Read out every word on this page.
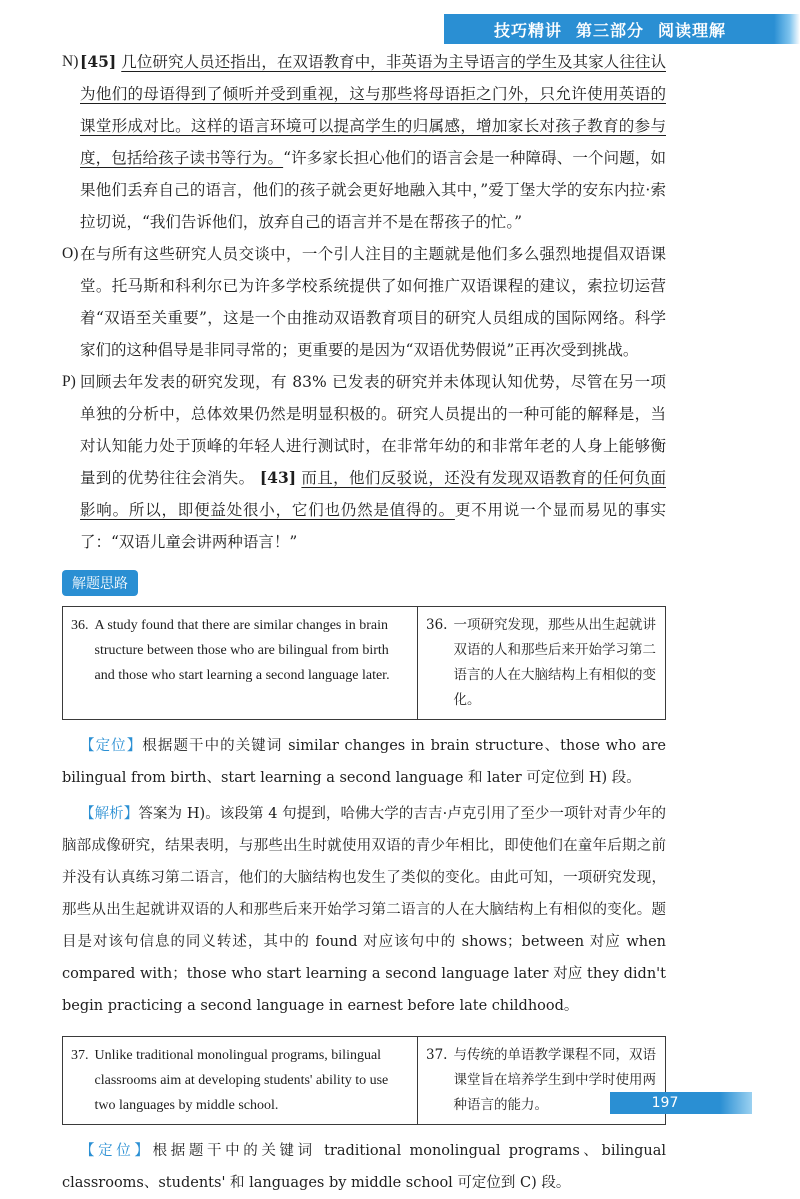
技巧精讲 第三部分 阅读理解
N) [45] 几位研究人员还指出，在双语教育中，非英语为主导语言的学生及其家人往往认为他们的母语得到了倾听并受到重视，这与那些将母语拒之门外，只允许使用英语的课堂形成对比。这样的语言环境可以提高学生的归属感，增加家长对孩子教育的参与度，包括给孩子读书等行为。“许多家长担心他们的语言会是一种障碍、一个问题，如果他们丢弃自己的语言，他们的孩子就会更好地融入其中，”爱丁堡大学的安东内拉·索拉切说，“我们告诉他们，放弃自己的语言并不是在帮孩子的忙。”
O) 在与所有这些研究人员交谈中，一个引人注目的主题就是他们多么强烈地提倡双语课堂。托马斯和科利尔已为许多学校系统提供了如何推广双语课程的建议，索拉切运营着“双语至关重要”，这是一个由推动双语教育项目的研究人员组成的国际网络。科学家们的这种倡导是非同寻常的；更重要的是因为“双语优势假说”正再次受到挑战。
P) 回顾去年发表的研究发现，有 83% 已发表的研究并未体现认知优势，尽管在另一项单独的分析中，总体效果仍然是明显积极的。研究人员提出的一种可能的解释是，当对认知能力处于顶峰的年轻人进行测试时，在非常年幼的和非常年老的人身上能够衡量到的优势往往会消失。 [43] 而且，他们反驳说，还没有发现双语教育的任何负面影响。所以，即便益处很小，它们也仍然是值得的。更不用说一个显而易见的事实了：“双语儿童会讲两种语言！”
解题思路
36. A study found that there are similar changes in brain structure between those who are bilingual from birth and those who start learning a second language later.

36. 一项研究发现，那些从出生起就讲双语的人和那些后来开始学习第二语言的人在大脑结构上有相似的变化。
【定位】根据题干中的关键词 similar changes in brain structure、those who are bilingual from birth、start learning a second language 和 later 可定位到 H) 段。
【解析】答案为 H)。该段第 4 句提到，哈佛大学的吉吉·卢克引用了至少一项针对青少年的脑部成像研究，结果表明，与那些出生时就使用双语的青少年相比，即使他们在童年后期之前并没有认真练习第二语言，他们的大脑结构也发生了类似的变化。由此可知，一项研究发现，那些从出生起就讲双语的人和那些后来开始学习第二语言的人在大脑结构上有相似的变化。题目是对该句信息的同义转述，其中的 found 对应该句中的 shows；between 对应 when compared with；those who start learning a second language later 对应 they didn't begin practicing a second language in earnest before late childhood。
37. Unlike traditional monolingual programs, bilingual classrooms aim at developing students' ability to use two languages by middle school.

37. 与传统的单语教学课程不同，双语课堂旨在培养学生到中学时使用两种语言的能力。
【定位】根据题干中的关键词 traditional monolingual programs、bilingual classrooms、students' 和 languages by middle school 可定位到 C) 段。
197
